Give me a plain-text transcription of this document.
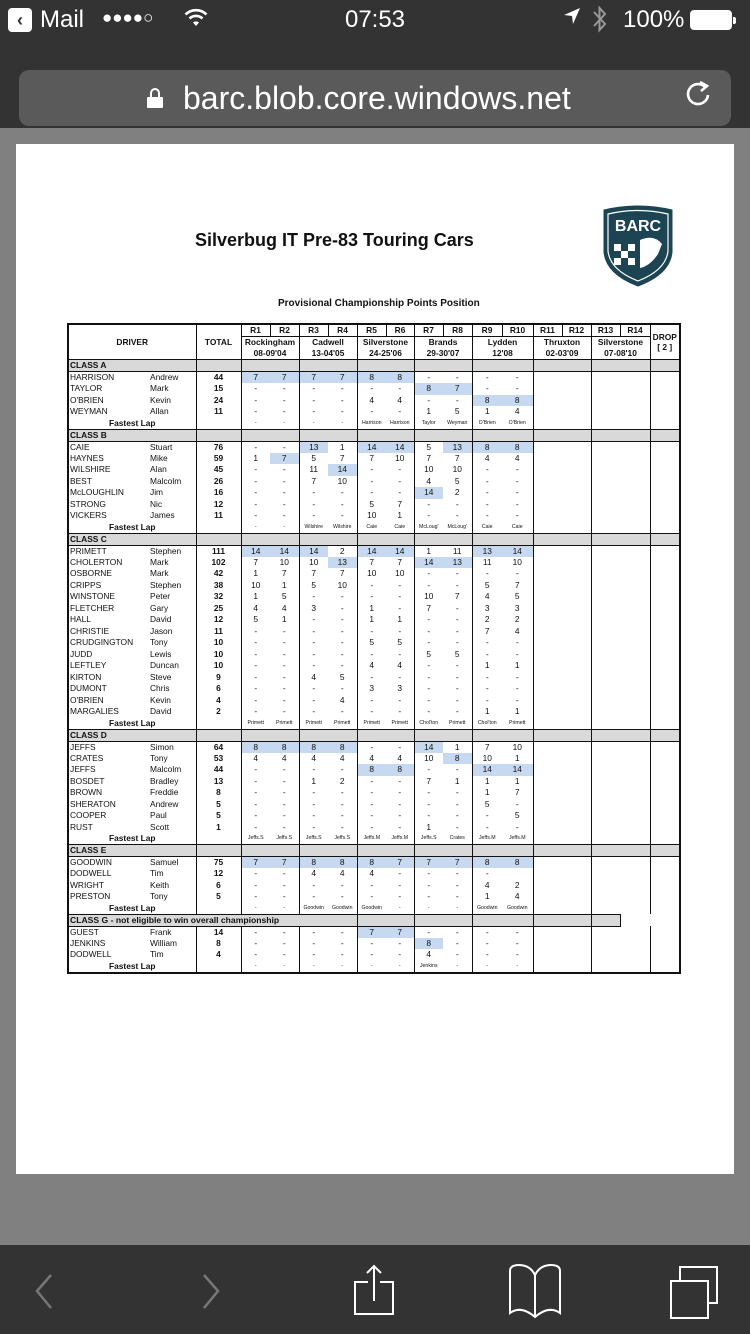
‹ Mail ●●●●○	07:53	100%
barc.blob.core.windows.net
Silverbug IT Pre-83 Touring Cars
BARC
Provisional Championship Points Position
DRIVER		TOTAL	R1	R2	R3	R4	R5	R6	R7	R8	R9	R10	R11	R12	R13	R14	DROP
[ 2 ]

			Rockingham		Cadwell		Silverstone		Brands		Lydden		Thruxton		Silverstone		
			08-09'04		13-04'05		24-25'06		29-30'07		12'08		02-03'09		07-08'10		
CLASS A																	
HARRISON	Andrew	44	7	7	7	7	8	8	-	-	-	-					
TAYLOR	Mark	15	-	-	-	-	-	-	8	7	-	-					
O'BRIEN	Kevin	24	-	-	-	-	4	4	-	-	8	8					
WEYMAN	Allan	11	-	-	-	-	-	-	1	5	1	4					
Fastest Lap			-	-	-	-	Harrison	Harrison	Taylor	Weyman	O'Brien	O'Brien					
CLASS B																	
CAIE	Stuart	76	-	-	13	1	14	14	5	13	8	8					
HAYNES	Mike	59	1	7	5	7	7	10	7	7	4	4					
WILSHIRE	Alan	45	-	-	11	14	-	-	10	10	-	-					
BEST	Malcolm	26	-	-	7	10	-	-	4	5	-	-					
McLOUGHLIN	Jim	16	-	-	-	-	-	-	14	2	-	-					
STRONG	Nic	12	-	-	-	-	5	7	-	-	-	-					
VICKERS	James	11	-	-	-	-	10	1	-	-	-	-					
Fastest Lap			-	-	Wilshire	Wilshire	Caie	Caie	McLoug'	McLoug'	Caie	Caie					
CLASS C																	
PRIMETT	Stephen	111	14	14	14	2	14	14	1	11	13	14					
CHOLERTON	Mark	102	7	10	10	13	7	7	14	13	11	10					
OSBORNE	Mark	42	1	7	7	7	10	10	-	-	-	-					
CRIPPS	Stephen	38	10	1	5	10	-	-	-	-	5	7					
WINSTONE	Peter	32	1	5	-	-	-	-	10	7	4	5					
FLETCHER	Gary	25	4	4	3	-	1	-	7	-	3	3					
HALL	David	12	5	1	-	-	1	1	-	-	2	2					
CHRISTIE	Jason	11	-	-	-	-	-	-	-	-	7	4					
CRUDGINGTON	Tony	10	-	-	-	-	5	5	-	-	-	-					
JUDD	Lewis	10	-	-	-	-	-	-	5	5	-	-					
LEFTLEY	Duncan	10	-	-	-	-	4	4	-	-	1	1					
KIRTON	Steve	9	-	-	4	5	-	-	-	-	-	-					
DUMONT	Chris	6	-	-	-	-	3	3	-	-	-	-					
O'BRIEN	Kevin	4	-	-	-	4	-	-	-	-	-	-					
MARGALIES	David	2	-	-	-	-	-	-	-	-	1	1					
Fastest Lap			Primett	Primett	Primett	Primett	Primett	Primett	Chol'ton	Primett	Chol'ton	Primett					
CLASS D																	
JEFFS	Simon	64	8	8	8	8	-	-	14	1	7	10					
CRATES	Tony	53	4	4	4	4	4	4	10	8	10	1					
JEFFS	Malcolm	44	-	-	-	-	8	8	-	-	14	14					
BOSDET	Bradley	13	-	-	1	2	-	-	7	1	1	1					
BROWN	Freddie	8	-	-	-	-	-	-	-	-	1	7					
SHERATON	Andrew	5	-	-	-	-	-	-	-	-	5	-					
COOPER	Paul	5	-	-	-	-	-	-	-	-	-	5					
RUST	Scott	1	-	-	-	-	-	-	1	-	-	-					
Fastest Lap			Jeffs.S	Jeffs.S	Jeffs.S	Jeffs.S	Jeffs.M	Jeffs.M	Jeffs.S	Crates	Jeffs.M	Jeffs.M					
CLASS E																	
GOODWIN	Samuel	75	7	7	8	8	8	7	7	7	8	8					
DODWELL	Tim	12	-	-	4	4	4	-	-	-	-						
WRIGHT	Keith	6	-	-	-	-	-	-	-	-	4	2					
PRESTON	Tony	5	-	-	-	-	-	-	-	-	1	4					
Fastest Lap			-	-	Goodwin	Goodwin	Goodwin	-	-	-	Goodwin	Goodwin					
CLASS G - not eligible to win overall championship																	
GUEST	Frank	14	-	-	-	-	7	7	-	-	-	-					
JENKINS	William	8	-	-	-	-	-	-	8	-	-	-					
DODWELL	Tim	4	-	-	-	-	-	-	4	-	-	-					
Fastest Lap			-	-	-	-	-	-	Jenkins	-	-	-					
